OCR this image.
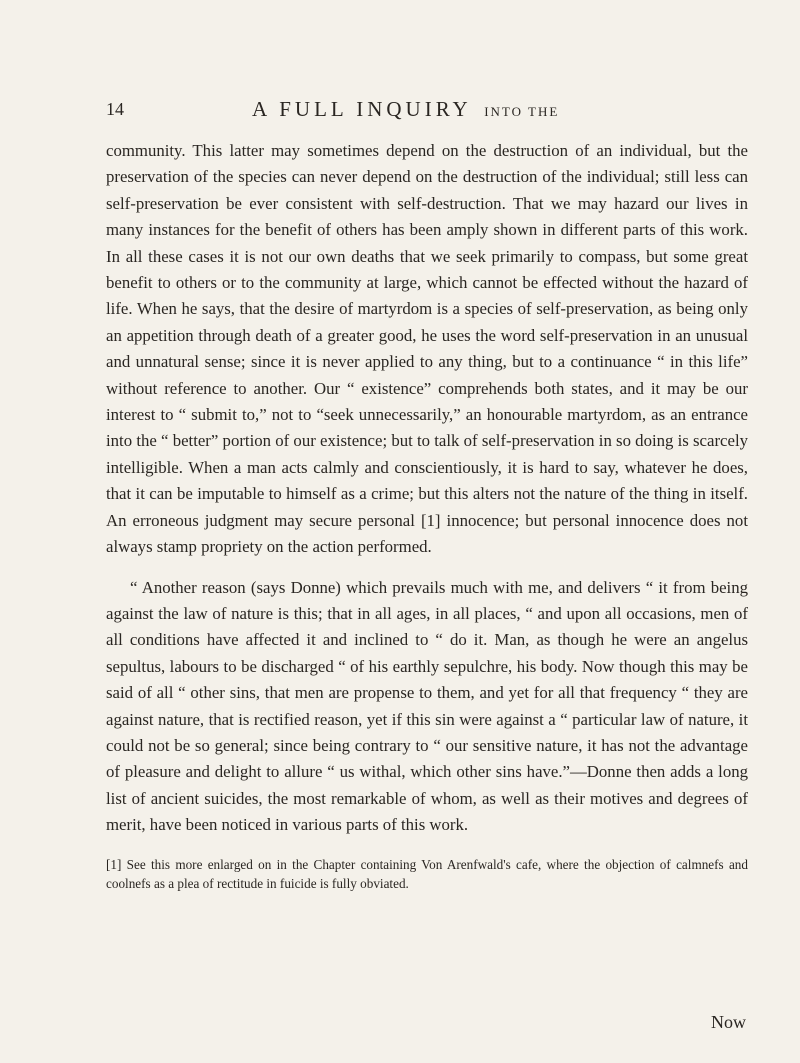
14	A FULL INQUIRY INTO THE

community. This latter may sometimes depend on the destruction of an individual, but the preservation of the species can never depend on the destruction of the individual; still less can self-preservation be ever consistent with self-destruction. That we may hazard our lives in many instances for the benefit of others has been amply shown in different parts of this work. In all these cases it is not our own deaths that we seek primarily to compass, but some great benefit to others or to the community at large, which cannot be effected without the hazard of life. When he says, that the desire of martyrdom is a species of self-preservation, as being only an appetition through death of a greater good, he uses the word self-preservation in an unusual and unnatural sense; since it is never applied to any thing, but to a continuance “ in this life” without reference to another. Our “ existence” comprehends both states, and it may be our interest to “ submit to,” not to “seek unnecessarily,” an honourable martyrdom, as an entrance into the “ better” portion of our existence; but to talk of self-preservation in so doing is scarcely intelligible. When a man acts calmly and conscientiously, it is hard to say, whatever he does, that it can be imputable to himself as a crime; but this alters not the nature of the thing in itself. An erroneous judgment may secure personal [1] innocence; but personal innocence does not always stamp propriety on the action performed.

“ Another reason (says Donne) which prevails much with me, and delivers “ it from being against the law of nature is this; that in all ages, in all places, “ and upon all occasions, men of all conditions have affected it and inclined to “ do it. Man, as though he were an angelus sepultus, labours to be discharged “ of his earthly sepulchre, his body. Now though this may be said of all “ other sins, that men are propense to them, and yet for all that frequency “ they are against nature, that is rectified reason, yet if this sin were against a “ particular law of nature, it could not be so general; since being contrary to “ our sensitive nature, it has not the advantage of pleasure and delight to allure “ us withal, which other sins have.”—Donne then adds a long list of ancient suicides, the most remarkable of whom, as well as their motives and degrees of merit, have been noticed in various parts of this work.

[1] See this more enlarged on in the Chapter containing Von Arenfwald's cafe, where the objection of calmnefs and coolnefs as a plea of rectitude in fuicide is fully obviated.
Now
